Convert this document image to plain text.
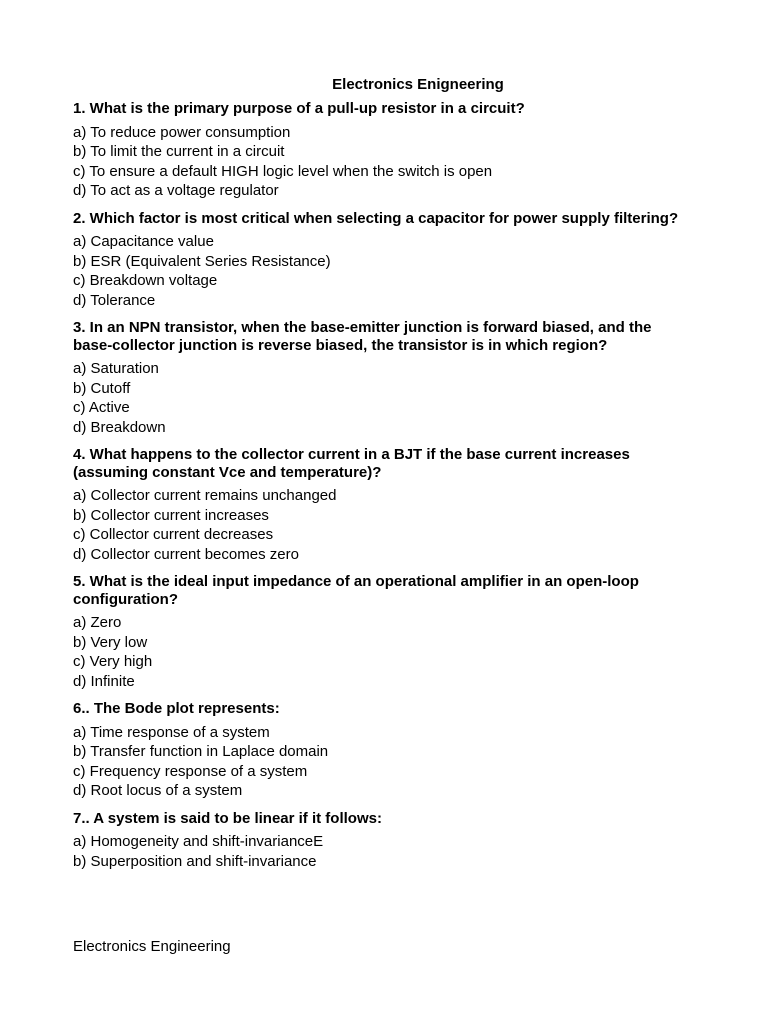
Electronics Enigneering
1. What is the primary purpose of a pull-up resistor in a circuit?
a) To reduce power consumption
b) To limit the current in a circuit
c) To ensure a default HIGH logic level when the switch is open
d) To act as a voltage regulator
2. Which factor is most critical when selecting a capacitor for power supply filtering?
a) Capacitance value
b) ESR (Equivalent Series Resistance)
c) Breakdown voltage
d) Tolerance
3. In an NPN transistor, when the base-emitter junction is forward biased, and the base-collector junction is reverse biased, the transistor is in which region?
a) Saturation
b) Cutoff
c) Active
d) Breakdown
4. What happens to the collector current in a BJT if the base current increases (assuming constant Vce and temperature)?
a) Collector current remains unchanged
b) Collector current increases
c) Collector current decreases
d) Collector current becomes zero
5. What is the ideal input impedance of an operational amplifier in an open-loop configuration?
a) Zero
b) Very low
c) Very high
d) Infinite
6.. The Bode plot represents:
a) Time response of a system
b) Transfer function in Laplace domain
c) Frequency response of a system
d) Root locus of a system
7.. A system is said to be linear if it follows:
a) Homogeneity and shift-invarianceE
b) Superposition and shift-invariance
Electronics Engineering
